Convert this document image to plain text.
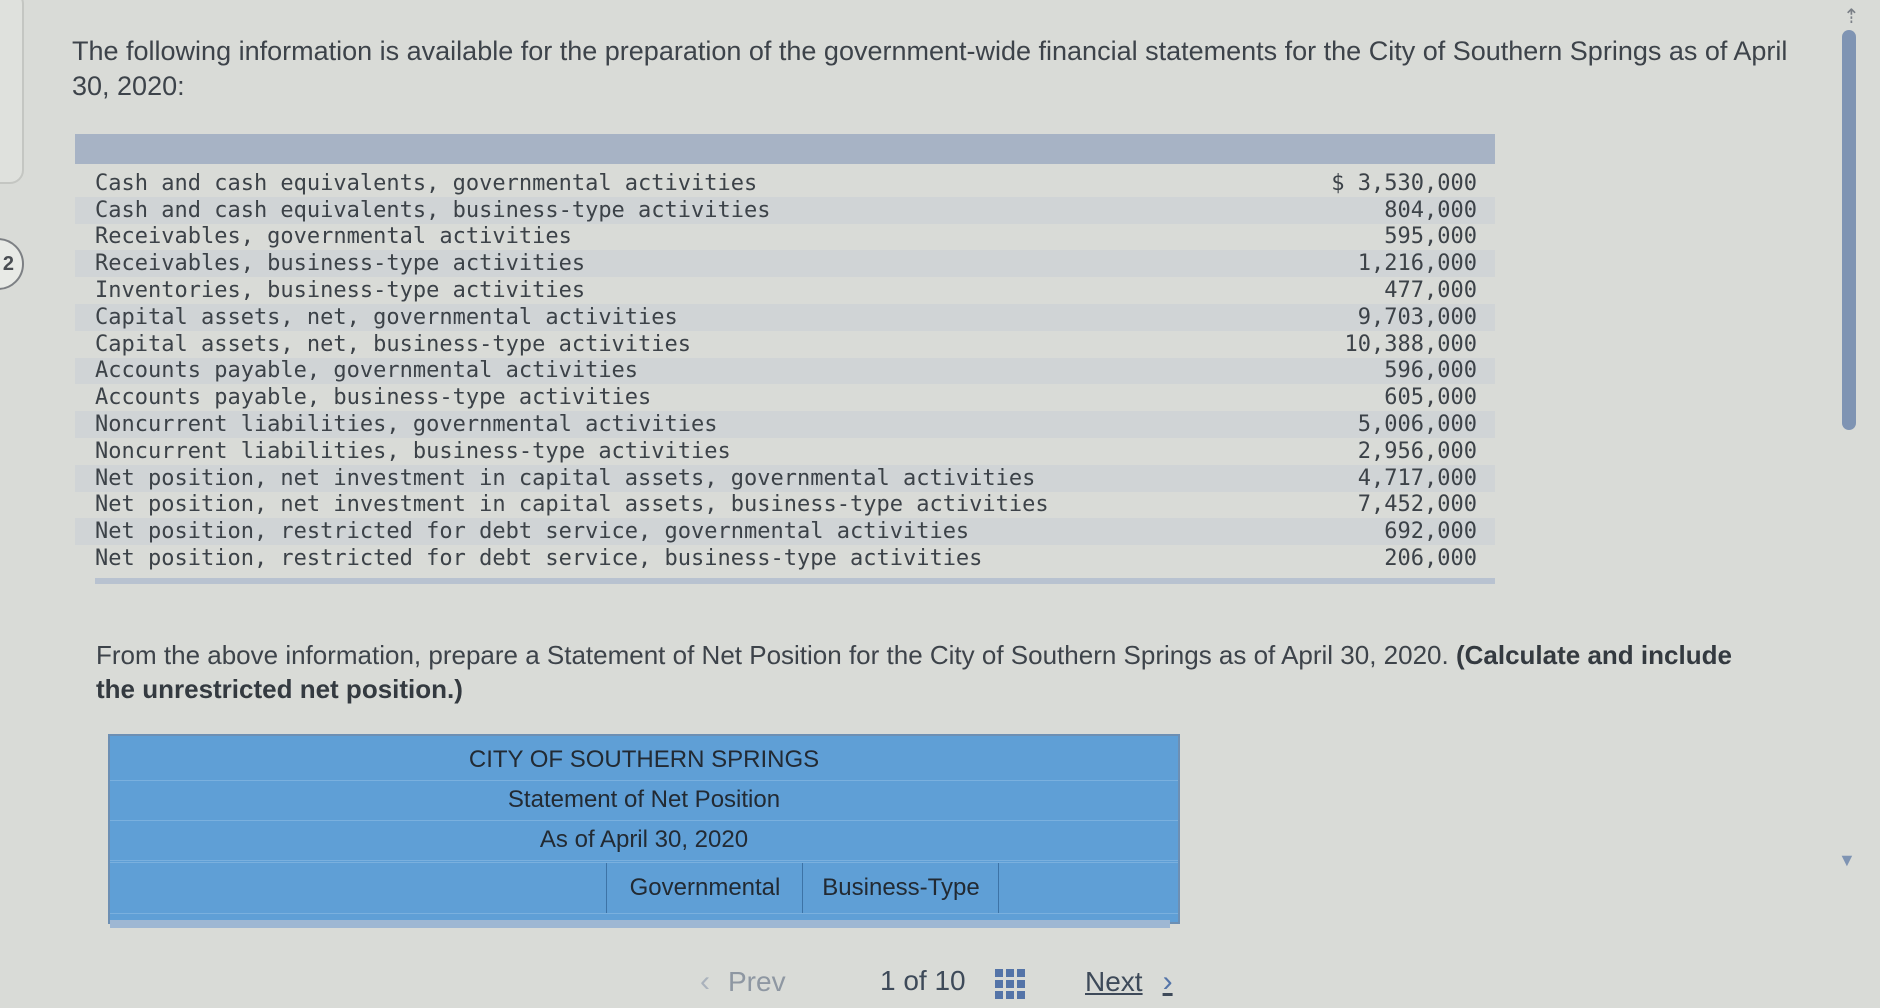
2
⇡
▼
The following information is available for the preparation of the government-wide financial statements for the City of Southern Springs as of April 30, 2020:
Cash and cash equivalents, governmental activities	$ 3,530,000
Cash and cash equivalents, business-type activities	804,000
Receivables, governmental activities	595,000
Receivables, business-type activities	1,216,000
Inventories, business-type activities	477,000
Capital assets, net, governmental activities	9,703,000
Capital assets, net, business-type activities	10,388,000
Accounts payable, governmental activities	596,000
Accounts payable, business-type activities	605,000
Noncurrent liabilities, governmental activities	5,006,000
Noncurrent liabilities, business-type activities	2,956,000
Net position, net investment in capital assets, governmental activities	4,717,000
Net position, net investment in capital assets, business-type activities	7,452,000
Net position, restricted for debt service, governmental activities	692,000
Net position, restricted for debt service, business-type activities	206,000
From the above information, prepare a Statement of Net Position for the City of Southern Springs as of April 30, 2020. (Calculate and include the unrestricted net position.)
CITY OF SOUTHERN SPRINGS
Statement of Net Position
As of April 30, 2020
Governmental	Business-Type
‹ Prev	1 of 10	Next ›
